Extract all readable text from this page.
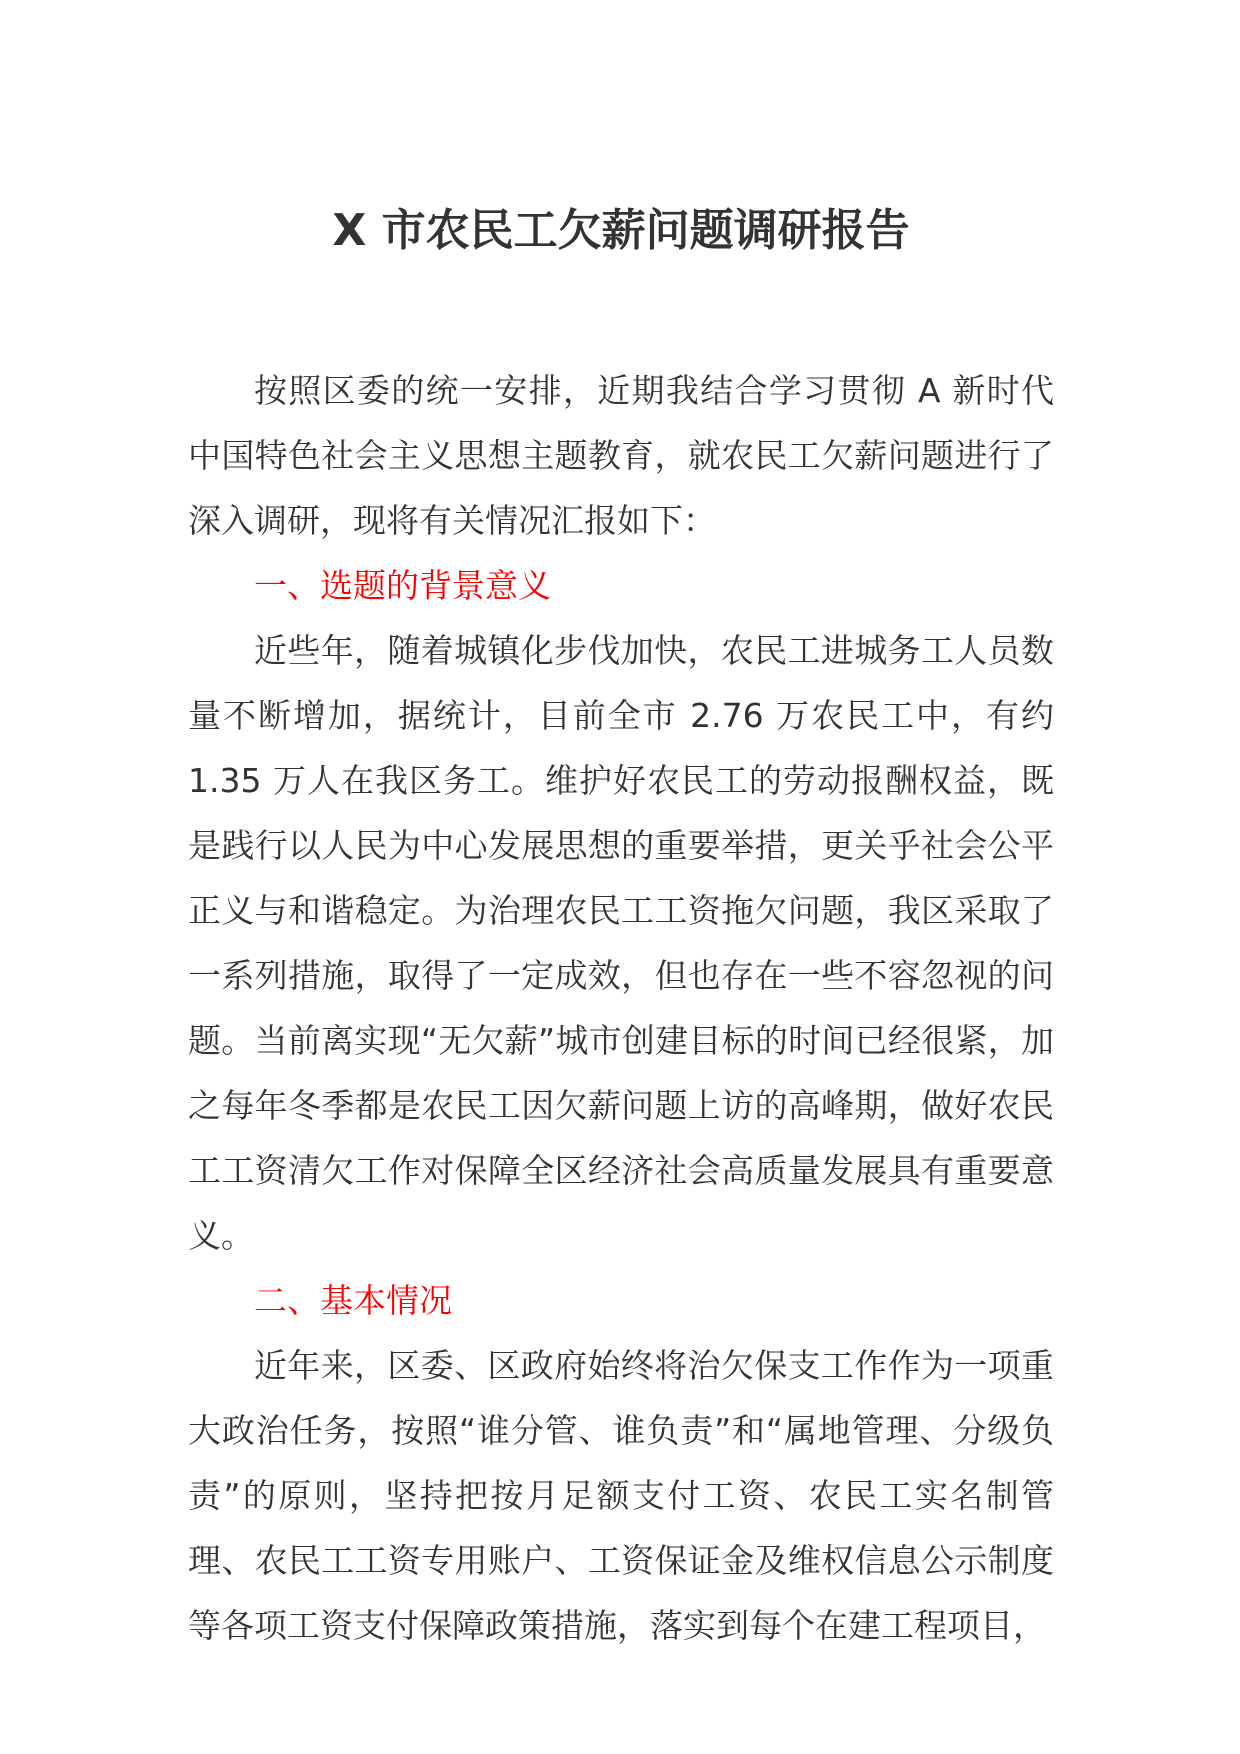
X 市农民工欠薪问题调研报告

按照区委的统一安排，近期我结合学习贯彻 A 新时代中国特色社会主义思想主题教育，就农民工欠薪问题进行了深入调研，现将有关情况汇报如下：

一、选题的背景意义

近些年，随着城镇化步伐加快，农民工进城务工人员数量不断增加，据统计，目前全市 2.76 万农民工中，有约 1.35 万人在我区务工。维护好农民工的劳动报酬权益，既是践行以人民为中心发展思想的重要举措，更关乎社会公平正义与和谐稳定。为治理农民工工资拖欠问题，我区采取了一系列措施，取得了一定成效，但也存在一些不容忽视的问题。当前离实现“无欠薪”城市创建目标的时间已经很紧，加之每年冬季都是农民工因欠薪问题上访的高峰期，做好农民工工资清欠工作对保障全区经济社会高质量发展具有重要意义。

二、基本情况

近年来，区委、区政府始终将治欠保支工作作为一项重大政治任务，按照“谁分管、谁负责”和“属地管理、分级负责”的原则，坚持把按月足额支付工资、农民工实名制管理、农民工工资专用账户、工资保证金及维权信息公示制度等各项工资支付保障政策措施，落实到每个在建工程项目，
